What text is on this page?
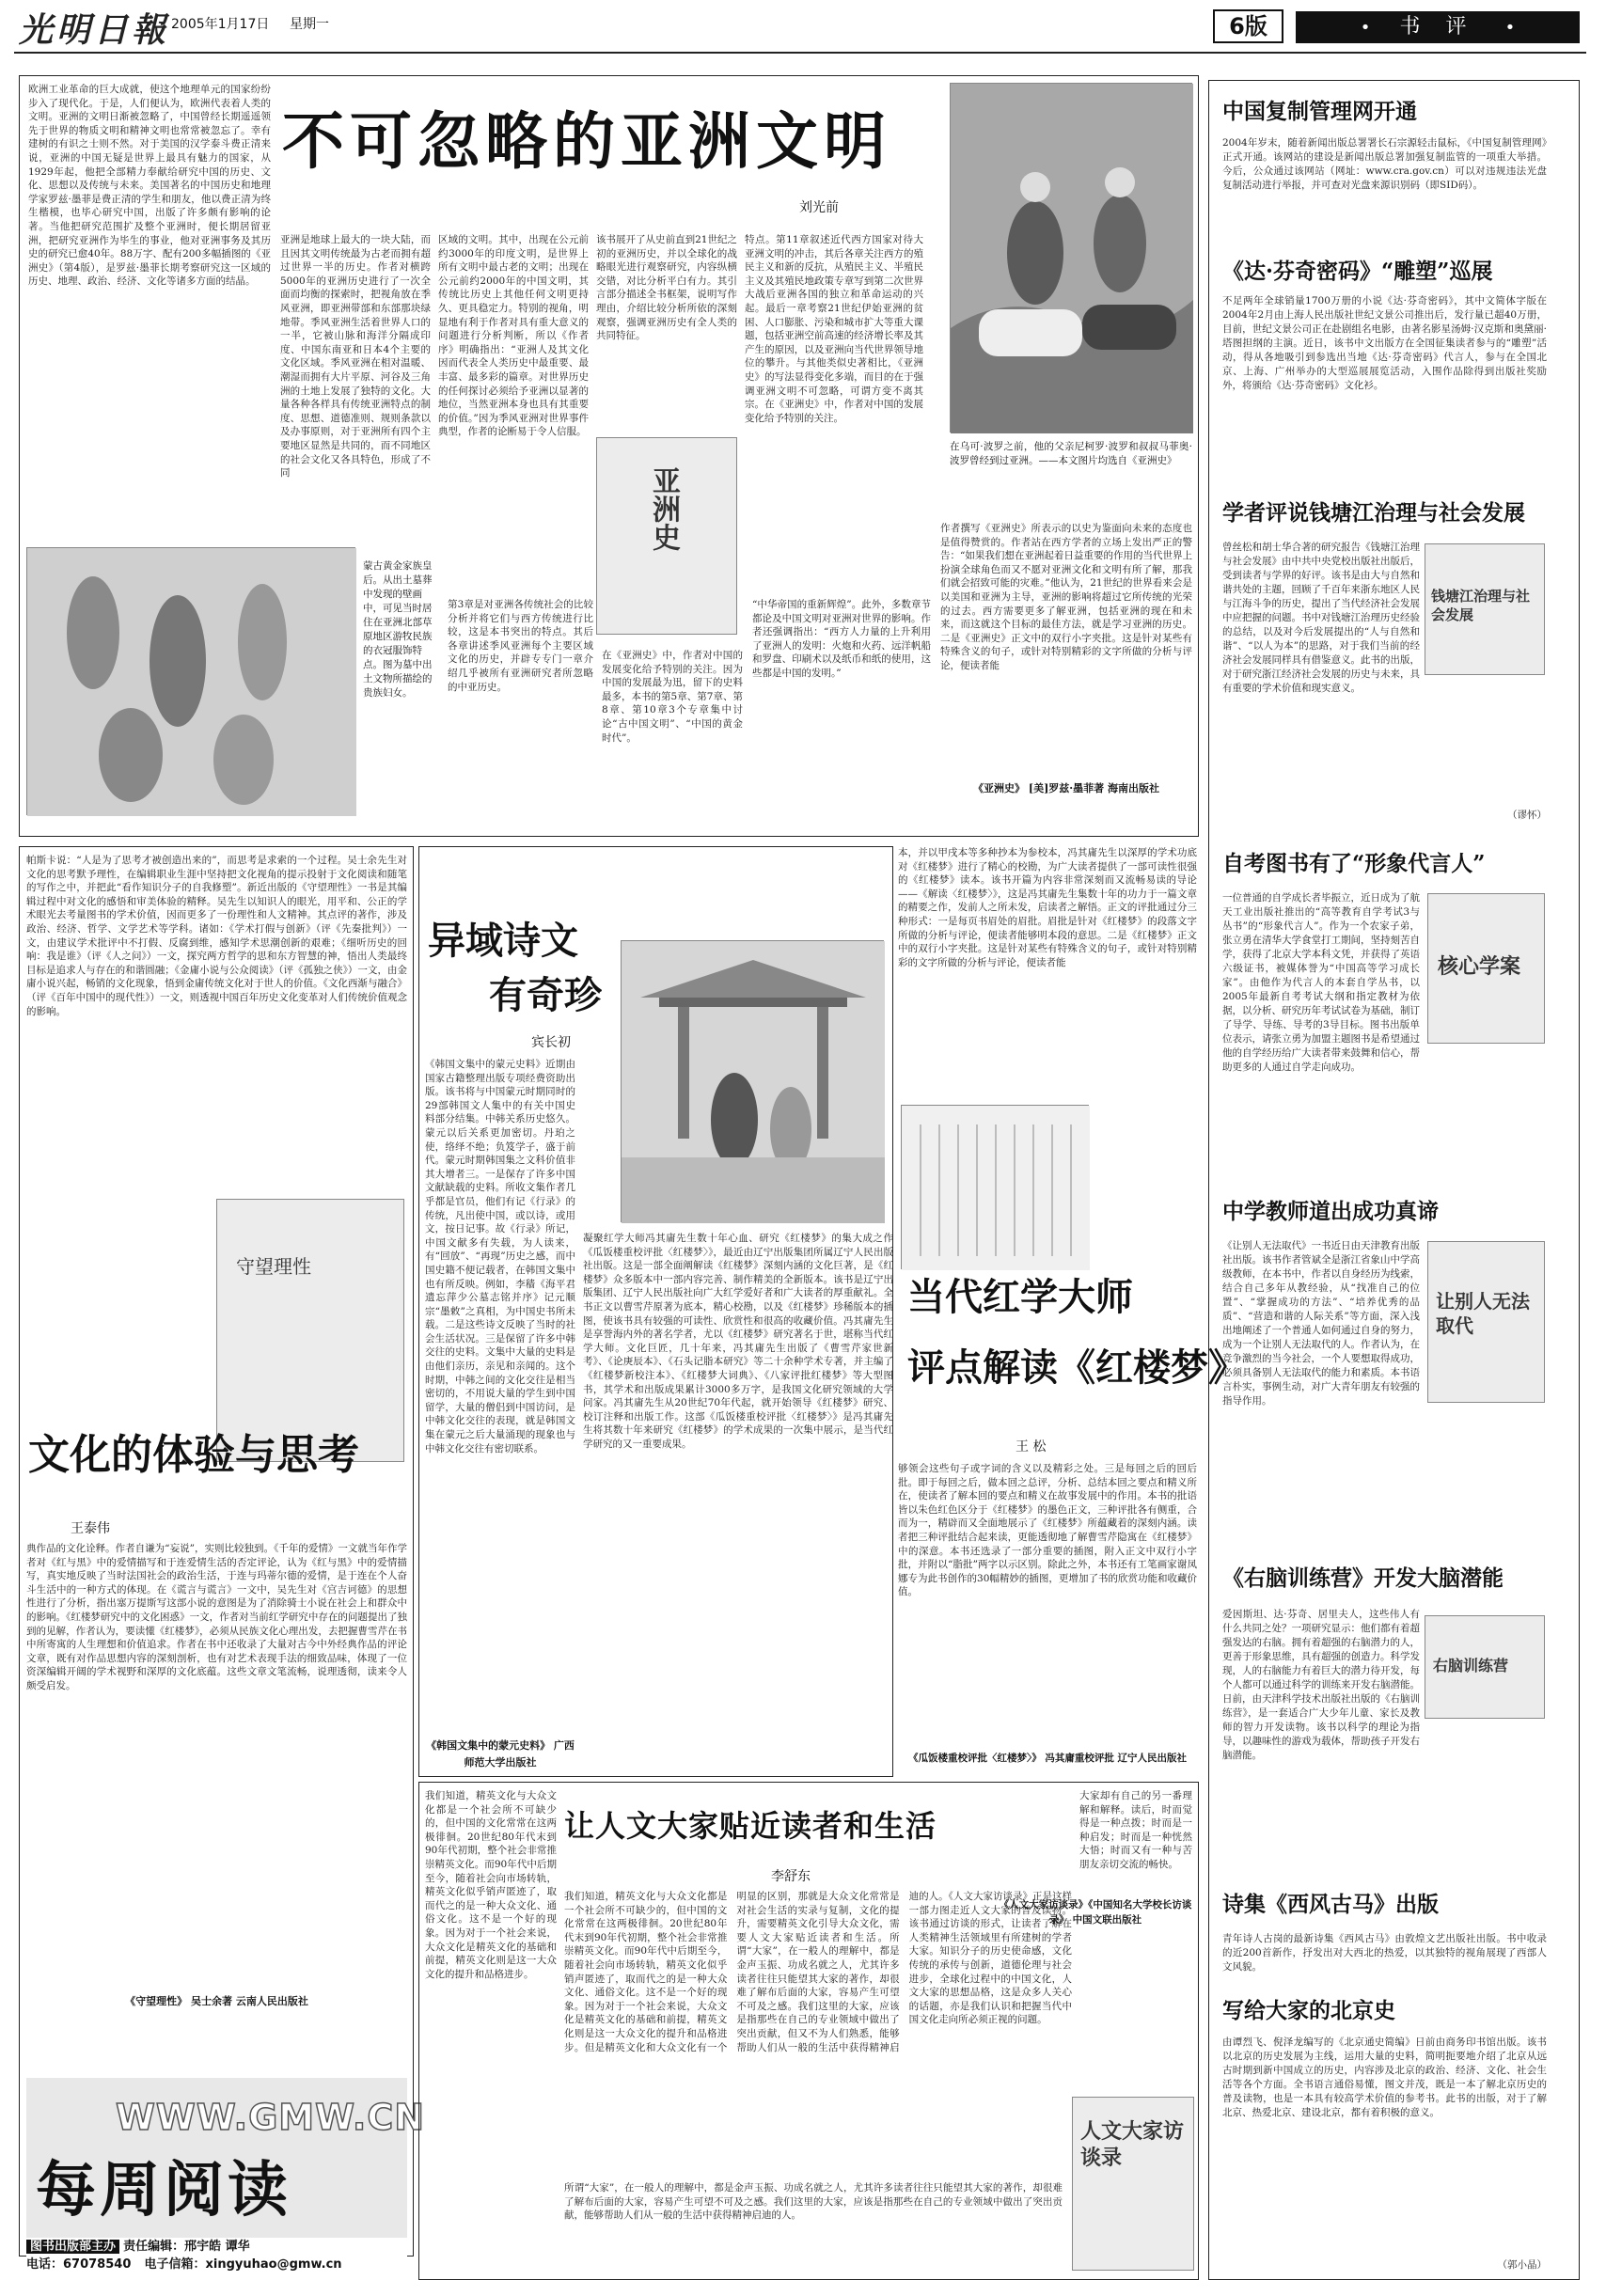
光明日報 2005年1月17日 星期一	6版	• 书 评 •
欧洲工业革命的巨大成就，使这个地理单元的国家纷纷步入了现代化。于是，人们便认为，欧洲代表着人类的文明。亚洲的文明日渐被忽略了，中国曾经长期遥遥领先于世界的物质文明和精神文明也常常被忽忘了。幸有建树的有识之士则不然。对于美国的汉学泰斗费正清来说，亚洲的中国无疑是世界上最具有魅力的国家，从1929年起，他把全部精力奉献给研究中国的历史、文化、思想以及传统与未来。美国著名的中国历史和地理学家罗兹·墨菲是费正清的学生和朋友，他以费正清为终生楷模，也毕心研究中国，出版了许多颇有影响的论著。当他把研究范围扩及整个亚洲时，便长期居留亚洲，把研究亚洲作为毕生的事业，他对亚洲事务及其历史的研究已愈40年。88万字、配有200多幅插图的《亚洲史》（第4版），是罗兹·墨菲长期考察研究这一区域的历史、地理、政治、经济、文化等诸多方面的结晶。
不可忽略的亚洲文明
刘光前
亚洲是地球上最大的一块大陆，而且因其文明传统最为古老而拥有超过世界一半的历史。作者对横跨5000年的亚洲历史进行了一次全面而均衡的探索时，把视角放在季风亚洲，即亚洲带部和东部那块绿地带。季风亚洲生活着世界人口的一半，它被山脉和海洋分隔成印度、中国东南亚和日本4个主要的文化区域。季风亚洲在相对温暖、潮湿而拥有大片平原、河谷及三角洲的土地上发展了独特的文化。大量各种各样具有传统亚洲特点的制度、思想、道德准则、规则条款以及办事原则，对于亚洲所有四个主要地区显然是共同的，而不同地区的社会文化又各具特色，形成了不同
区域的文明。其中，出现在公元前约3000年的印度文明，是世界上所有文明中最古老的文明；出现在公元前约2000年的中国文明，其传统比历史上其他任何文明更持久、更具稳定力。特别的视角，明显地有利于作者对具有重大意义的问题进行分析判断，所以《作者序》明确指出：“亚洲人及其文化因而代表全人类历史中最重要、最丰富、最多彩的篇章。对世界历史的任何探讨必须给予亚洲以显著的地位，当然亚洲本身也具有其重要的价值。”因为季风亚洲对世界事件典型，作者的论断易于令人信服。
该书展开了从史前直到21世纪之初的亚洲历史，并以全球化的战略眼光进行观察研究，内容纵横交错，对比分析平白有力。其引言部分描述全书框架，说明写作理由，介绍比较分析所依的深刻观察，强调亚洲历史有全人类的共同特征。
特点。第11章叙述近代西方国家对待大亚洲文明的冲击，其后各章关注西方的殖民主义和新的反抗，从殖民主义、半殖民主义及其殖民地政策专章写到第二次世界大战后亚洲各国的独立和革命运动的兴起。最后一章考察21世纪伊始亚洲的贫困、人口膨胀、污染和城市扩大等重大课题，包括亚洲空前高速的经济增长率及其产生的原因，以及亚洲向当代世界领导地位的攀升。与其他类似史著相比，《亚洲史》的写法显得变化多端，而目的在于强调亚洲文明不可忽略，可谓方变不离其宗。在《亚洲史》中，作者对中国的发展变化给予特别的关注。
亚洲史
在乌可·波罗之前，他的父亲尼柯罗·波罗和叔叔马菲奥·波罗曾经到过亚洲。——本文图片均选自《亚洲史》
蒙古黄金家族皇后。从出土墓葬中发现的壁画中，可见当时居住在亚洲北部草原地区游牧民族的衣冠服饰特点。图为墓中出土文物所描绘的贵族妇女。
第3章是对亚洲各传统社会的比较分析并将它们与西方传统进行比较，这是本书突出的特点。其后各章讲述季风亚洲每个主要区域文化的历史，并辟专专门一章介绍几乎被所有亚洲研究者所忽略的中亚历史。
在《亚洲史》中，作者对中国的发展变化给予特别的关注。因为中国的发展最为迅，留下的史料最多，本书的第5章、第7章、第8章、第10章3个专章集中讨论“古中国文明”、“中国的黄金时代”。
“中华帝国的重新辉煌”。此外，多数章节都论及中国文明对亚洲对世界的影响。作者还强调指出：“西方人力量的上升利用了亚洲人的发明：火炮和火药、远洋帆船和罗盘、印刷术以及纸币和纸的使用，这些都是中国的发明。”
作者撰写《亚洲史》所表示的以史为鉴面向未来的态度也是值得赞赏的。作者站在西方学者的立场上发出严正的警告：“如果我们想在亚洲起着日益重要的作用的当代世界上扮演全球角色而又不愿对亚洲文化和文明有所了解，那我们就会招致可能的灾难。”他认为，21世纪的世界看来会是以美国和亚洲为主导，亚洲的影响将超过它所传统的光荣的过去。西方需要更多了解亚洲，包括亚洲的现在和未来，而这就这个目标的最佳方法，就是学习亚洲的历史。二是《亚洲史》正文中的双行小字夹批。这是针对某些有特殊含义的句子，或针对特别精彩的文字所做的分析与评论，便读者能
《亚洲史》 [美]罗兹·墨菲著 海南出版社
帕斯卡说：“人是为了思考才被创造出来的”，而思考是求索的一个过程。吴士余先生对文化的思考默予理性，在编辑职业生涯中坚持把文化视角的提示投射于文化阅读和随笔的写作之中，并把此“看作知识分子的自我修塑”。新近出版的《守望理性》一书是其编辑过程中对文化的感悟和审美体验的精释。吴先生以知识人的眼光，用平和、公正的学术眼光去考量图书的学术价值，因而更多了一份理性和人文精神。其点评的著作，涉及政治、经济、哲学、文学艺术等学科。诸如：《学术打假与创新》（评《先秦批判》）一文，由建议学术批评中不打假、反腐到维，感知学术思潮创新的艰难；《细听历史的回响：我是谁》（评《人之问》）一文，探究两方哲学的思和东方智慧的神，悟出人类最终目标是追求人与存在的和谐圆融；《金庸小说与公众阅读》（评《孤独之侠》）一文，由金庸小说兴起，畅销的文化现象，悟到金庸传统文化对于世人的价值。《文化西渐与融合》（评《百年中国中的现代性》）一文，则透视中国百年历史文化变革对人们传统价值观念的影响。
守望理性
文化的体验与思考
王泰伟
典作品的文化诠释。作者自谦为“妄说”，实则比较独到。《千年的爱情》一文就当年作学者对《红与黑》中的爱情描写和于连爱情生活的否定评论，认为《红与黑》中的爱情描写，真实地反映了当时法国社会的政治生活，于连与玛蒂尔德的爱情，是于连在个人奋斗生活中的一种方式的体现。在《谎言与谎言》一文中，吴先生对《宫吉诃德》的思想性进行了分析，指出塞万提斯写这部小说的意图是为了消除骑士小说在社会上和群众中的影响。《红楼梦研究中的文化困惑》一文，作者对当前红学研究中存在的问题提出了独到的见解，作者认为，要读懂《红楼梦》，必须从民族文化心理出发，去把握曹雪芹在书中所寄寓的人生理想和价值追求。作者在书中还收录了大量对古今中外经典作品的评论文章，既有对作品思想内容的深刻剖析，也有对艺术表现手法的细致品味，体现了一位资深编辑开阔的学术视野和深厚的文化底蕴。这些文章文笔流畅，说理透彻，读来令人颇受启发。
《守望理性》 吴士余著 云南人民出版社
WWW.GMW.CN
每周阅读
图书出版部主办 责任编辑：邢宇皓 谭华
电话：67078540 电子信箱：xingyuhao@gmw.cn
异域诗文
有奇珍
宾长初
《韩国文集中的蒙元史料》近期由国家古籍整理出版专项经费资助出版。该书将与中国蒙元时期同时的29部韩国文人集中的有关中国史料部分结集。中韩关系历史悠久。蒙元以后关系更加密切。丹珀之使，络绎不绝；负笈学子，盛于前代。蒙元时期韩国集之文科价值非其大增者三。一是保存了许多中国文献缺载的史料。所收文集作者几乎都是官员，他们有记《行录》的传统，凡出使中国，或以诗，或用文，按日记事。故《行录》所记，中国文献多有失载，为人读来，有“回放”、“再现”历史之感，而中国史籍不便记载者，在韩国文集中也有所反映。例如，李穑《海平君遗忘萍少公墓志铭并序》记元顺宗“墨敕”之真相，为中国史书所未载。二是这些诗文反映了当时的社会生活状况。三是保留了许多中韩交往的史料。文集中大量的史料是由他们亲历，亲见和亲闻的。这个时期，中韩之间的文化交往是相当密切的，不用说大量的学生到中国留学，大量的僧侣到中国访问，是中韩文化交往的表现，就是韩国文集在蒙元之后大量涌现的现象也与中韩文化交往有密切联系。
《韩国文集中的蒙元史料》 广西师范大学出版社
本，并以甲戌本等多种抄本为参校本，冯其庸先生以深厚的学术功底对《红楼梦》进行了精心的校勘，为广大读者提供了一部可读性很强的《红楼梦》读本。该书开篇为内容非常深刻而又流畅易读的导论——《解读〈红楼梦〉》，这是冯其庸先生集数十年的功力于一篇文章的精要之作，发前人之所未发，启读者之解悟。正文的评批通过分三种形式：一是每页书眉处的眉批。眉批是针对《红楼梦》的段落文字所做的分析与评论，便读者能够明本段的意思。二是《红楼梦》正文中的双行小字夹批。这是针对某些有特殊含义的句子，或针对特别精彩的文字所做的分析与评论，便读者能
凝聚红学大师冯其庸先生数十年心血、研究《红楼梦》的集大成之作《瓜饭楼重校评批〈红楼梦〉》，最近由辽宁出版集团所属辽宁人民出版社出版。这是一部全面阐解读《红楼梦》深刻内涵的文化巨著，是《红楼梦》众多版本中一部内容完善、制作精美的全新版本。该书是辽宁出版集团、辽宁人民出版社向广大红学爱好者和广大读者的厚重献礼。全书正文以曹雪芹原著为底本，精心校勘，以及《红楼梦》珍稀版本的插图，使该书具有较强的可读性、欣赏性和很高的收藏价值。冯其庸先生是享誉海内外的著名学者，尤以《红楼梦》研究著名于世，堪称当代红学大师。文化巨匠，几十年来，冯其庸先生出版了《曹雪芹家世新考》、《论庚辰本》、《石头记脂本研究》等二十余种学术专著，并主编了《红楼梦新校注本》、《红楼梦大词典》、《八家评批红楼梦》等大型图书，其学术和出版成果累计3000多万字，是我国文化研究领域的大学问家。冯其庸先生从20世纪70年代起，就开始领导《红楼梦》研究、校订注释和出版工作。这部《瓜饭楼重校评批〈红楼梦〉》是冯其庸先生将其数十年来研究《红楼梦》的学术成果的一次集中展示，是当代红学研究的又一重要成果。
当代红学大师
评点解读《红楼梦》
王 松
够领会这些句子或字词的含义以及精彩之处。三是每回之后的回后批。即于每回之后，做本回之总评，分析、总结本回之要点和精义所在，使读者了解本回的要点和精义在故事发展中的作用。本书的批语皆以朱色红色区分于《红楼梦》的墨色正文，三种评批各有侧重，合而为一，精辟而又全面地展示了《红楼梦》所蕴藏着的深刻内涵。读者把三种评批结合起来读，更能透彻地了解曹雪芹隐寓在《红楼梦》中的深意。本书还选录了一部分重要的插图，附入正文中双行小字批，并附以“脂批”两字以示区别。除此之外，本书还有工笔画家谢凤娜专为此书创作的30幅精妙的插图，更增加了书的欣赏功能和收藏价值。
《瓜饭楼重校评批〈红楼梦〉》 冯其庸重校评批 辽宁人民出版社
我们知道，精英文化与大众文化都是一个社会所不可缺少的，但中国的文化常常在这两极徘徊。20世纪80年代末到90年代初期，整个社会非常推崇精英文化。而90年代中后期至今，随着社会向市场转轨，精英文化似乎销声匿迹了，取而代之的是一种大众文化、通俗文化。这不是一个好的现象。因为对于一个社会来说，大众文化是精英文化的基础和前提，精英文化则是这一大众文化的提升和品格进步。
让人文大家贴近读者和生活
李舒东
大家却有自己的另一番理解和解释。读后，时而觉得是一种点拨；时而是一种启发；时而是一种恍然大悟；时而又有一种与苦朋友亲切交流的畅快。
我们知道，精英文化与大众文化都是一个社会所不可缺少的，但中国的文化常常在这两极徘徊。20世纪80年代末到90年代初期，整个社会非常推崇精英文化。而90年代中后期至今，随着社会向市场转轨，精英文化似乎销声匿迹了，取而代之的是一种大众文化、通俗文化。这不是一个好的现象。因为对于一个社会来说，大众文化是精英文化的基础和前提，精英文化则是这一大众文化的提升和品格进步。但是精英文化和大众文化有一个明显的区别，那就是大众文化常常是对社会生活的实录与复制，文化的提升，需要精英文化引导大众文化，需要人文大家贴近读者和生活。所谓“大家”，在一般人的理解中，都是金声玉振、功成名就之人，尤其许多读者往往只能望其大家的著作，却很难了解布后面的大家，容易产生可望不可及之感。我们这里的大家，应该是指那些在自己的专业领域中做出了突出贡献，但又不为人们熟悉，能够帮助人们从一般的生活中获得精神启迪的人。《人文大家访谈录》正是这样一部力图走近人文大家的普及读物。该书通过访谈的形式，让读者了解在人类精神生活领域里有所建树的学者大家。知识分子的历史使命感，文化传统的承传与创新，道德伦理与社会进步，全球化过程中的中国文化，人文大家的思想品格，这是众多人关心的话题，亦是我们认识和把握当代中国文化走向所必须正视的问题。
《人文大家访谈录》《中国知名大学校长访谈录》 中国文联出版社
人文大家访谈录
所谓“大家”，在一般人的理解中，都是金声玉振、功成名就之人，尤其许多读者往往只能望其大家的著作，却很难了解布后面的大家，容易产生可望不可及之感。我们这里的大家，应该是指那些在自己的专业领域中做出了突出贡献，能够帮助人们从一般的生活中获得精神启迪的人。
中国复制管理网开通
2004年岁末，随着新闻出版总署署长石宗源轻击鼠标，《中国复制管理网》正式开通。该网站的建设是新闻出版总署加强复制监管的一项重大举措。今后，公众通过该网站（网址：www.cra.gov.cn）可以对违规违法光盘复制活动进行举报，并可查对光盘来源识别码（即SID码）。
《达·芬奇密码》“雕塑”巡展
不足两年全球销量1700万册的小说《达·芬奇密码》，其中文简体字版在2004年2月由上海人民出版社世纪文景公司推出后，发行量已超40万册，目前，世纪文景公司正在赴剧组名电影，由著名影星汤姆·汉克斯和奥黛丽·塔图担纲的主演。近日，该书中文出版方在全国征集读者参与的“雕塑”活动，得从各地吸引到参选出当地《达·芬奇密码》代言人，参与在全国北京、上海、广州举办的大型巡展展览活动，入围作品除得到出版社奖励外，将颁给《达·芬奇密码》文化衫。
学者评说钱塘江治理与社会发展
钱塘江治理与社会发展
曾丝松和胡士华合著的研究报告《钱塘江治理与社会发展》由中共中央党校出版社出版后，受到读者与学界的好评。该书是由大与自然和谐共处的主题，回顾了千百年来浙东地区人民与江海斗争的历史，提出了当代经济社会发展中应把握的问题。书中对钱塘江治理历史经验的总结，以及对今后发展提出的“人与自然和谐”、“以人为本”的思路，对于我们当前的经济社会发展同样具有借鉴意义。此书的出版，对于研究浙江经济社会发展的历史与未来，具有重要的学术价值和现实意义。
（谬怀）
自考图书有了“形象代言人”
核心学案
一位普通的自学成长者毕振立，近日成为了航天工业出版社推出的“高等教育自学考试3与丛书”的“形象代言人”。作为一个农家子弟，张立勇在清华大学食堂打工期间，坚持刻苦自学，获得了北京大学本科文凭，并获得了英语六级证书，被媒体誉为“中国高等学习成长家”。由他作为代言人的本套自学丛书，以2005年最新自考考试大纲和指定教材为依据，以分析、研究历年考试试卷为基础，制订了导学、导练、导考的3导目标。图书出版单位表示，请张立勇为加盟主题图书是希望通过他的自学经历给广大读者带来鼓舞和信心，帮助更多的人通过自学走向成功。
中学教师道出成功真谛
让别人无法取代
《让别人无法取代》一书近日由天津教育出版社出版。该书作者管斌全是浙江省象山中学高级教师，在本书中，作者以自身经历为线索，结合自己多年从教经验，从“找准自己的位置”、“掌握成功的方法”、“培养优秀的品质”、“营造和谐的人际关系”等方面，深入浅出地阐述了一个普通人如何通过自身的努力，成为一个让别人无法取代的人。作者认为，在竞争激烈的当今社会，一个人要想取得成功，必须具备别人无法取代的能力和素质。本书语言朴实，事例生动，对广大青年朋友有较强的指导作用。
《右脑训练营》开发大脑潜能
右脑训练营
爱因斯坦、达·芬奇、居里夫人，这些伟人有什么共同之处？一项研究显示：他们都有着超强发达的右脑。拥有着超强的右脑潜力的人，更善于形象思维，具有超强的创造力。科学发现，人的右脑能力有着巨大的潜力待开发，每个人都可以通过科学的训练来开发右脑潜能。日前，由天津科学技术出版社出版的《右脑训练营》，是一套适合广大少年儿童、家长及教师的智力开发读物。该书以科学的理论为指导，以趣味性的游戏为载体，帮助孩子开发右脑潜能。
诗集《西风古马》出版
青年诗人古岗的最新诗集《西风古马》由敦煌文艺出版社出版。书中收录的近200首新作，抒发出对大西北的热爱，以其独特的视角展现了西部人文风貌。
写给大家的北京史
由谭烈飞、倪泽龙编写的《北京通史简编》日前由商务印书馆出版。该书以北京的历史发展为主线，运用大量的史料，简明扼要地介绍了北京从远古时期到新中国成立的历史，内容涉及北京的政治、经济、文化、社会生活等各个方面。全书语言通俗易懂，图文并茂，既是一本了解北京历史的普及读物，也是一本具有较高学术价值的参考书。此书的出版，对于了解北京、热爱北京、建设北京，都有着积极的意义。
（郭小晶）
